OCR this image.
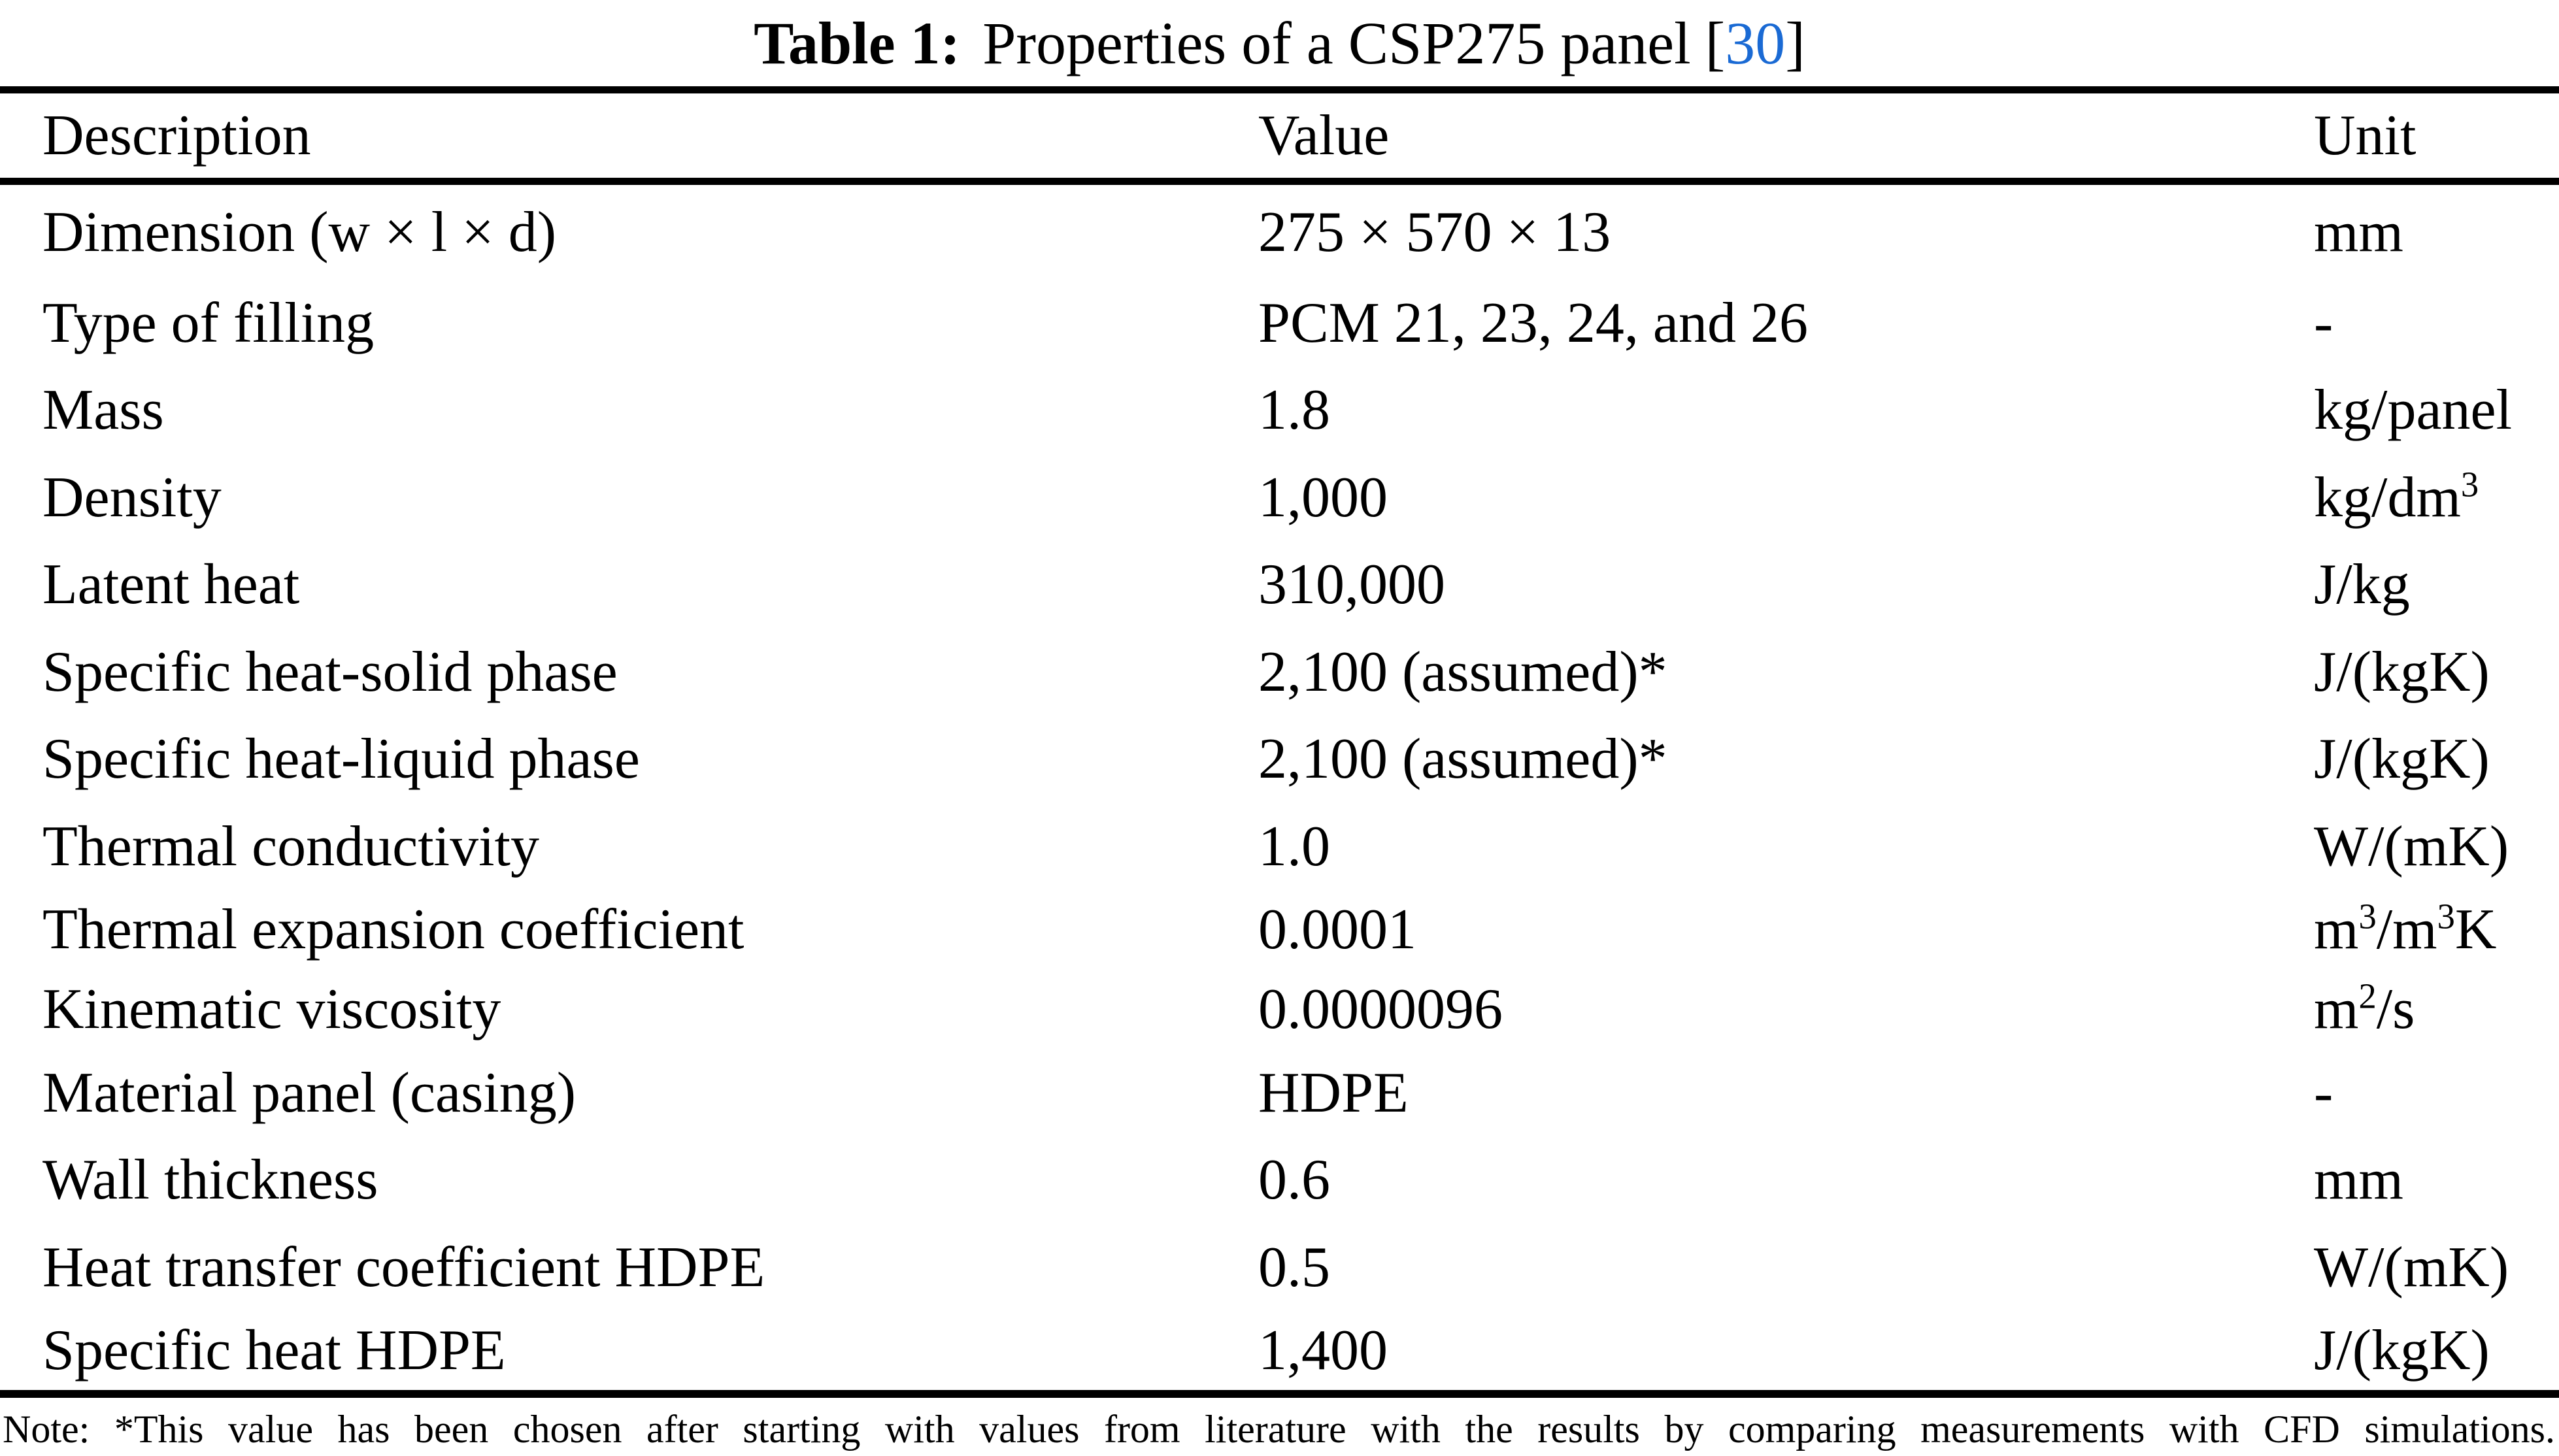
Table 1: Properties of a CSP275 panel [ 30 ]
Description	Value	Unit
Dimension (w × l × d)	275 × 570 × 13	mm
Type of filling	PCM 21, 23, 24, and 26	-
Mass	1.8	kg/panel
Density	1,000	$kg/dm^3$
Latent heat	310,000	J/kg
Specific heat-solid phase	2,100 (assumed)*	J/(kgK)
Specific heat-liquid phase	2,100 (assumed)*	J/(kgK)
Thermal conductivity	1.0	W/(mK)
Thermal expansion coefficient	0.0001	$m^3/m^3K$
Kinematic viscosity	0.0000096	$m^2/s$
Material panel (casing)	HDPE	-
Wall thickness	0.6	mm
Heat transfer coefficient HDPE	0.5	W/(mK)
Specific heat HDPE	1,400	J/(kgK)
Note: *This value has been chosen after starting with values from literature with the results by comparing measurements with CFD simulations.
